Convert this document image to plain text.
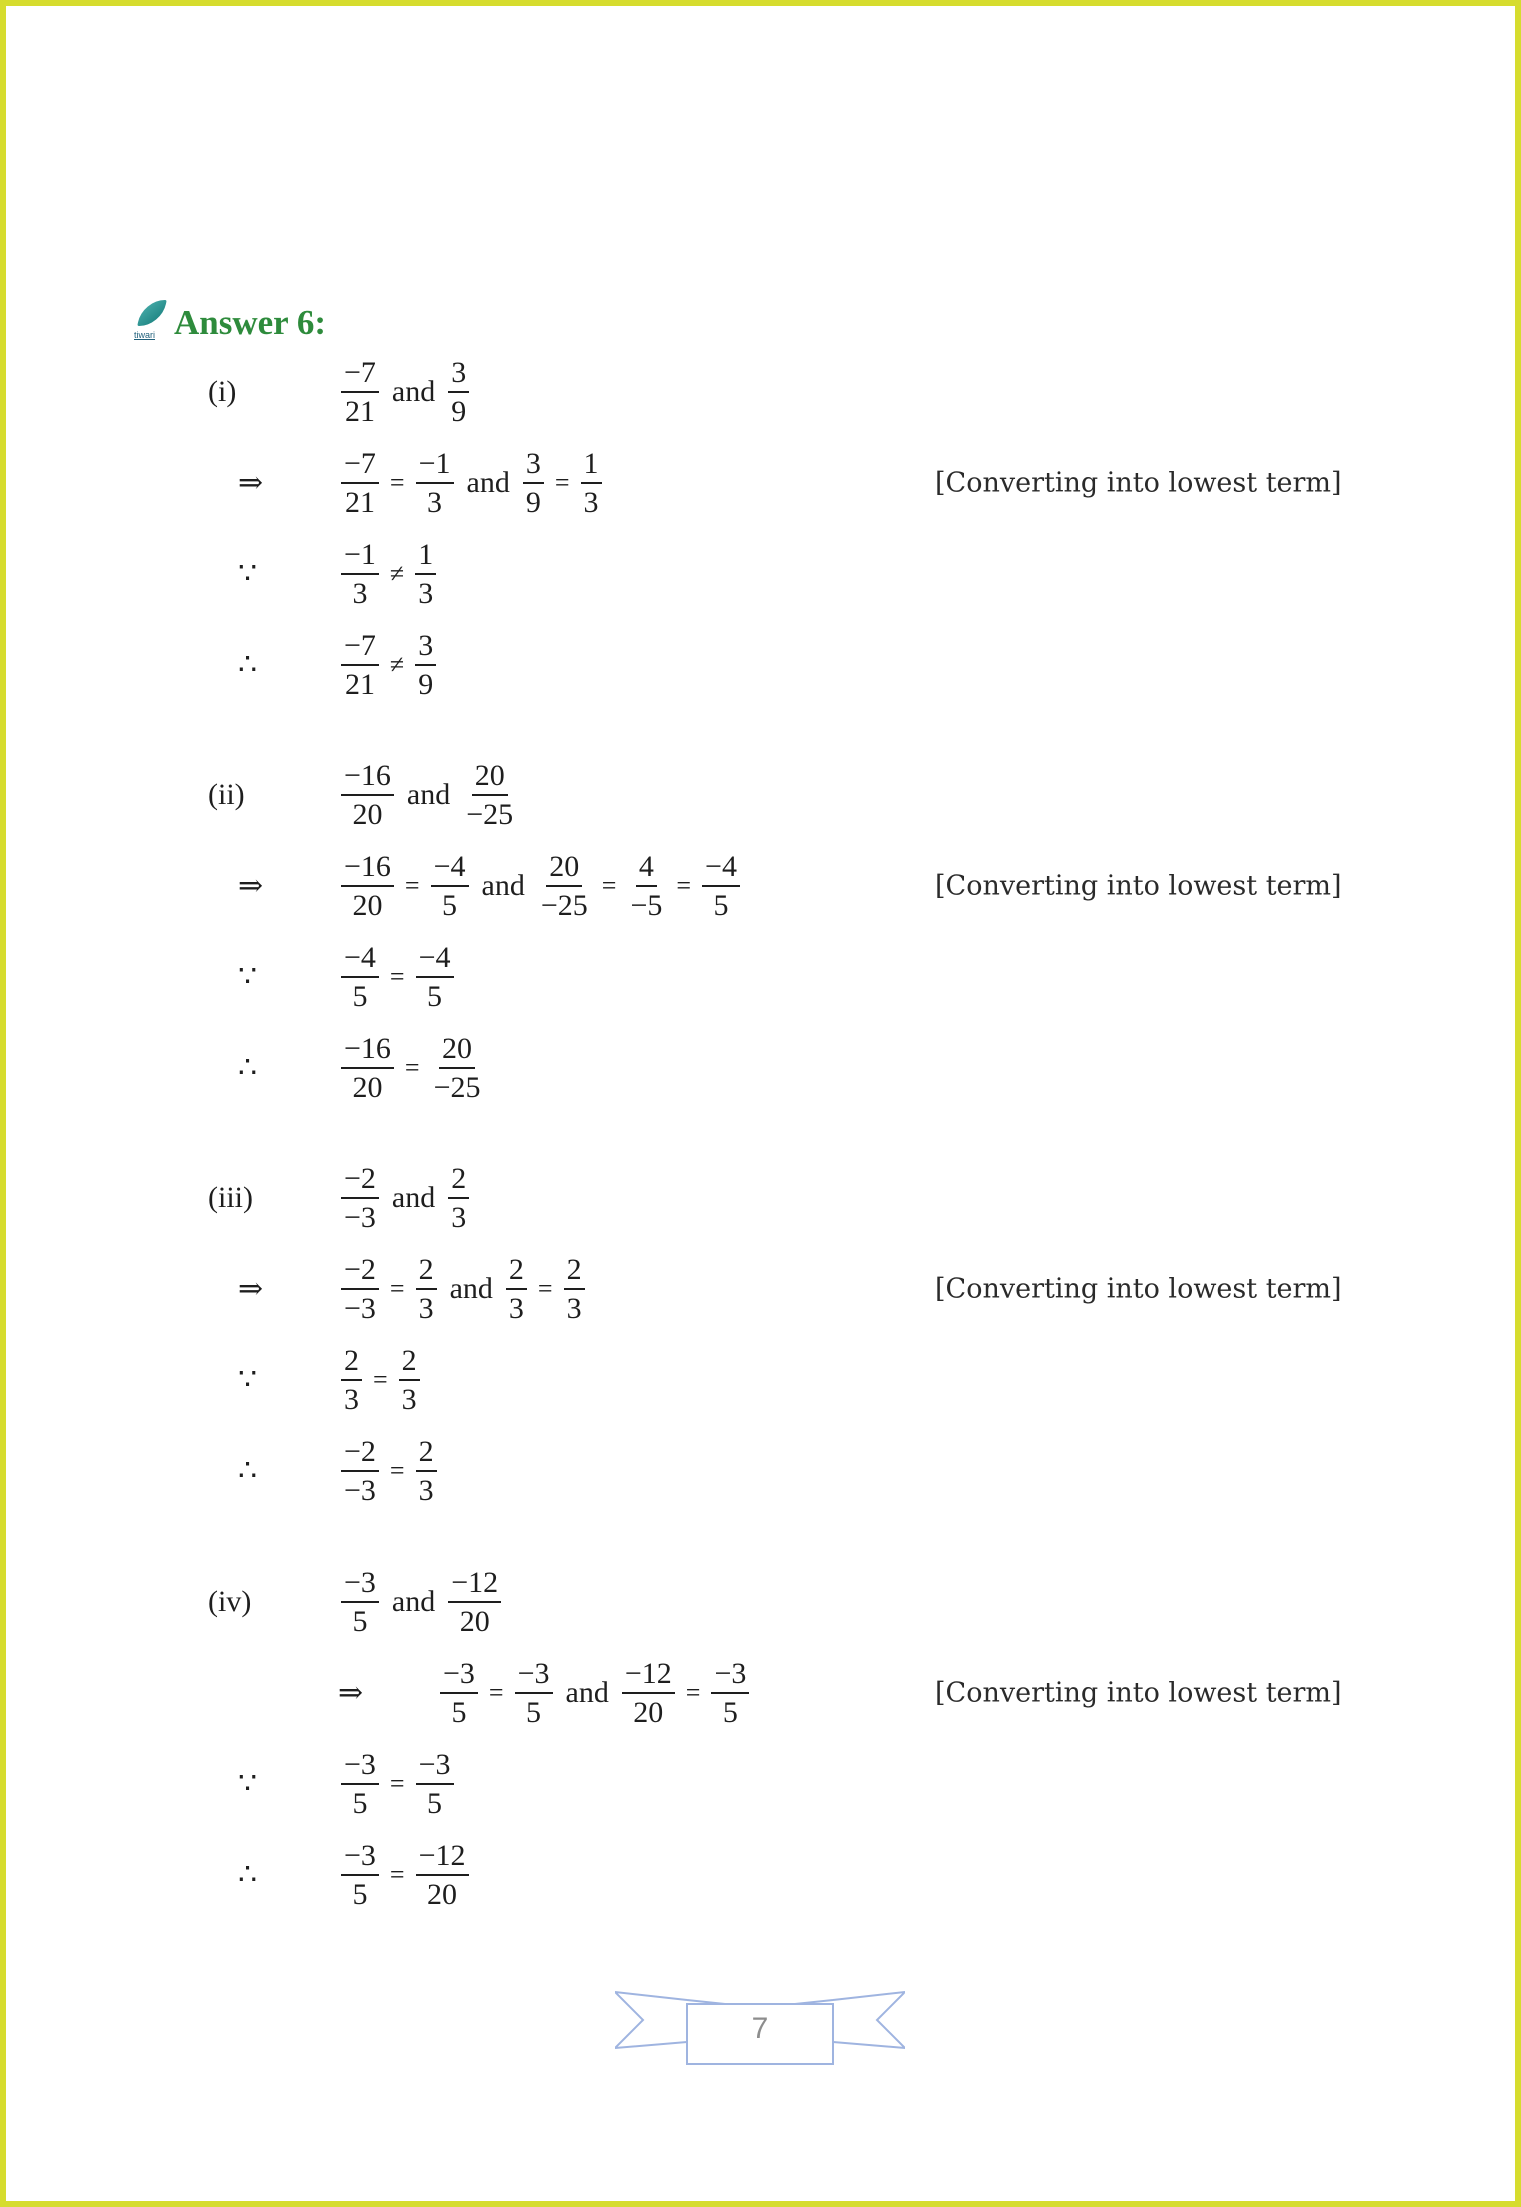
tiwari Answer 6:
(i)	$\frac{-7}{21}$ and $\frac{3}{9}$
⇒	$\frac{-7}{21} = \frac{-1}{3}$ and $\frac{3}{9} = \frac{1}{3}$	[Converting into lowest term]
∵	$\frac{-1}{3} \ne \frac{1}{3}$
∴	$\frac{-7}{21} \ne \frac{3}{9}$
(ii)	$\frac{-16}{20}$ and $\frac{20}{-25}$
⇒	$\frac{-16}{20} = \frac{-4}{5}$ and $\frac{20}{-25} = \frac{4}{-5} = \frac{-4}{5}$	[Converting into lowest term]
∵	$\frac{-4}{5} = \frac{-4}{5}$
∴	$\frac{-16}{20} = \frac{20}{-25}$
(iii)	$\frac{-2}{-3}$ and $\frac{2}{3}$
⇒	$\frac{-2}{-3} = \frac{2}{3}$ and $\frac{2}{3} = \frac{2}{3}$	[Converting into lowest term]
∵	$\frac{2}{3} = \frac{2}{3}$
∴	$\frac{-2}{-3} = \frac{2}{3}$
(iv)	$\frac{-3}{5}$ and $\frac{-12}{20}$
⇒	$\frac{-3}{5} = \frac{-3}{5}$ and $\frac{-12}{20} = \frac{-3}{5}$	[Converting into lowest term]
∵	$\frac{-3}{5} = \frac{-3}{5}$
∴	$\frac{-3}{5} = \frac{-12}{20}$
7
